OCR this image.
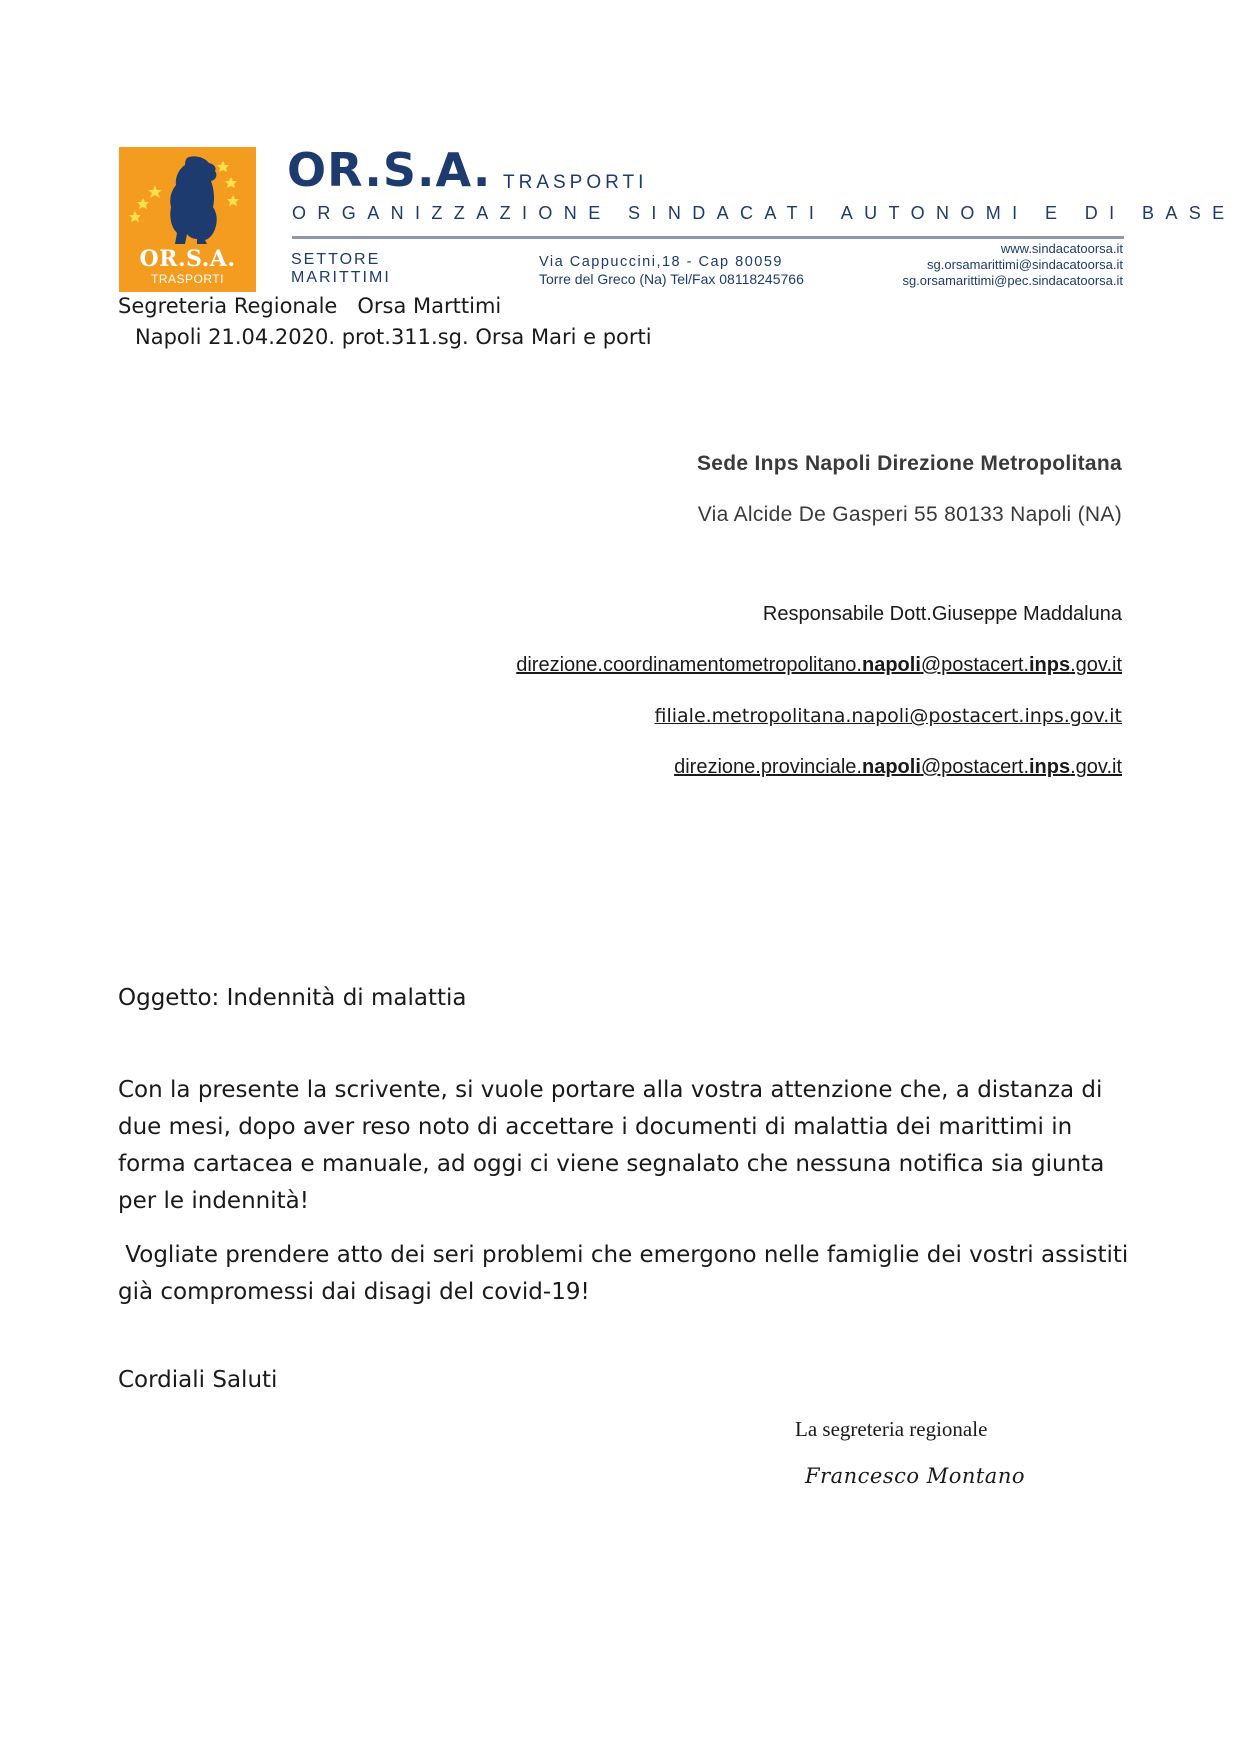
OR.S.A.
TRASPORTI
OR.S.A. TRASPORTI
ORGANIZZAZIONE SINDACATI AUTONOMI E DI BASE
SETTORE
MARITTIMI
Via Cappuccini,18 - Cap 80059
Torre del Greco (Na) Tel/Fax 08118245766
www.sindacatoorsa.it
sg.orsamarittimi@sindacatoorsa.it
sg.orsamarittimi@pec.sindacatoorsa.it
Segreteria Regionale   Orsa Marttimi
Napoli 21.04.2020. prot.311.sg. Orsa Mari e porti
Sede Inps Napoli Direzione Metropolitana
Via Alcide De Gasperi 55 80133 Napoli (NA)
Responsabile Dott.Giuseppe Maddaluna
direzione.coordinamentometropolitano.napoli@postacert.inps.gov.it
filiale.metropolitana.napoli@postacert.inps.gov.it
direzione.provinciale.napoli@postacert.inps.gov.it
Oggetto: Indennità di malattia
Con la presente la scrivente, si vuole portare alla vostra attenzione che, a distanza di
due mesi, dopo aver reso noto di accettare i documenti di malattia dei marittimi in
forma cartacea e manuale, ad oggi ci viene segnalato che nessuna notifica sia giunta
per le indennità!
Vogliate prendere atto dei seri problemi che emergono nelle famiglie dei vostri assistiti
già compromessi dai disagi del covid-19!
Cordiali Saluti
La segreteria regionale
Francesco Montano
